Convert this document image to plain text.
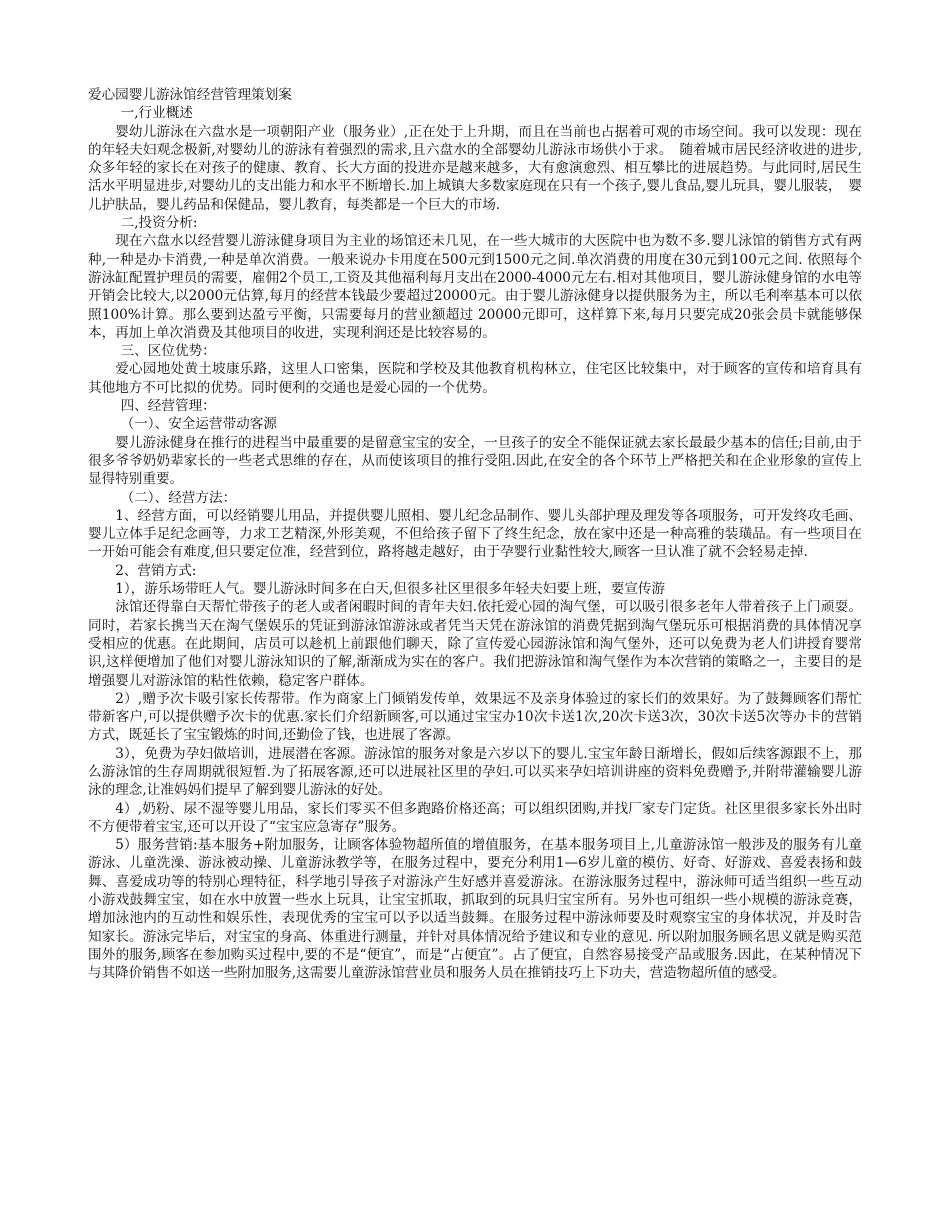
爱心园婴儿游泳馆经营管理策划案

一,行业概述

婴幼儿游泳在六盘水是一项朝阳产业（服务业）,正在处于上升期，而且在当前也占据着可观的市场空间。我可以发现：现在的年轻夫妇观念极新,对婴幼儿的游泳有着强烈的需求,且六盘水的全部婴幼儿游泳市场供小于求。　随着城市居民经济收进的进步,众多年轻的家长在对孩子的健康、教育、长大方面的投进亦是越来越多，大有愈演愈烈、相互攀比的进展趋势。与此同时,居民生活水平明显进步,对婴幼儿的支出能力和水平不断增长.加上城镇大多数家庭现在只有一个孩子,婴儿食品,婴儿玩具，婴儿服装，　婴儿护肤品，婴儿药品和保健品，婴儿教育，每类都是一个巨大的市场.

二,投资分析:

现在六盘水以经营婴儿游泳健身项目为主业的场馆还未几见，在一些大城市的大医院中也为数不多.婴儿泳馆的销售方式有两种,一种是办卡消费,一种是单次消费。一般来说办卡用度在500元到1500元之间.单次消费的用度在30元到100元之间. 依照每个游泳缸配置护理员的需要，雇佣2个员工,工资及其他福利每月支出在2000-4000元左右.相对其他项目，婴儿游泳健身馆的水电等开销会比较大,以2000元估算,每月的经营本钱最少要超过20000元。由于婴儿游泳健身以提供服务为主，所以毛利率基本可以依照100%计算。那么要到达盈亏平衡，只需要每月的营业额超过 20000元即可，这样算下来,每月只要完成20张会员卡就能够保本，再加上单次消费及其他项目的收进，实现利润还是比较容易的。

三、区位优势：

爱心园地处黄土坡康乐路，这里人口密集，医院和学校及其他教育机构林立，住宅区比较集中，对于顾客的宣传和培育具有其他地方不可比拟的优势。同时便利的交通也是爱心园的一个优势。

四、经营管理：

（一）、安全运营带动客源

婴儿游泳健身在推行的进程当中最重要的是留意宝宝的安全，一旦孩子的安全不能保证就去家长最最少基本的信任;目前,由于很多爷爷奶奶辈家长的一些老式思维的存在，从而使该项目的推行受阻.因此,在安全的各个环节上严格把关和在企业形象的宣传上显得特别重要。

（二）、经营方法：

1、经营方面，可以经销婴儿用品，并提供婴儿照相、婴儿纪念品制作、婴儿头部护理及理发等各项服务，可开发终攻毛画、婴儿立体手足纪念画等，力求工艺精深,外形美观，不但给孩子留下了终生纪念，放在家中还是一种高雅的装璜品。有一些项目在一开始可能会有难度,但只要定位准，经营到位，路将越走越好，由于孕婴行业黏性较大,顾客一旦认准了就不会轻易走掉.

2、营销方式:

1），游乐场带旺人气。婴儿游泳时间多在白天,但很多社区里很多年轻夫妇要上班，要宣传游

泳馆还得靠白天帮忙带孩子的老人或者闲暇时间的青年夫妇.依托爱心园的淘气堡，可以吸引很多老年人带着孩子上门顽耍。同时，若家长携当天在淘气堡娱乐的凭证到游泳馆游泳或者凭当天凭在游泳馆的消费凭据到淘气堡玩乐可根据消费的具体情况享受相应的优惠。在此期间，店员可以趁机上前跟他们聊天，除了宣传爱心园游泳馆和淘气堡外，还可以免费为老人们讲授育婴常识,这样便增加了他们对婴儿游泳知识的了解,渐渐成为实在的客户。我们把游泳馆和淘气堡作为本次营销的策略之一，主要目的是增强婴儿对游泳馆的粘性依赖，稳定客户群体。

2）,赠予次卡吸引家长传帮带。作为商家上门倾销发传单，效果远不及亲身体验过的家长们的效果好。为了鼓舞顾客们帮忙带新客户,可以提供赠予次卡的优惠.家长们介绍新顾客,可以通过宝宝办10次卡送1次,20次卡送3次，30次卡送5次等办卡的营销方式，既延长了宝宝锻炼的时间,还勤俭了钱，也进展了客源。

3），免费为孕妇做培训，进展潜在客源。游泳馆的服务对象是六岁以下的婴儿.宝宝年龄日渐增长，假如后续客源跟不上，那么游泳馆的生存周期就很短暂.为了拓展客源,还可以进展社区里的孕妇.可以买来孕妇培训讲座的资料免费赠予,并附带灌输婴儿游泳的理念,让准妈妈们提早了解到婴儿游泳的好处。

4）,奶粉、尿不湿等婴儿用品，家长们零买不但多跑路价格还高；可以组织团购,并找厂家专门定货。社区里很多家长外出时不方便带着宝宝,还可以开设了“宝宝应急寄存”服务。

5）服务营销:基本服务+附加服务，让顾客体验物超所值的增值服务，在基本服务项目上,儿童游泳馆一般涉及的服务有儿童游泳、儿童洗澡、游泳被动操、儿童游泳教学等，在服务过程中，要充分利用1—6岁儿童的模仿、好奇、好游戏、喜爱表扬和鼓舞、喜爱成功等的特别心理特征，科学地引导孩子对游泳产生好感并喜爱游泳。在游泳服务过程中，游泳师可适当组织一些互动小游戏鼓舞宝宝，如在水中放置一些水上玩具，让宝宝抓取，抓取到的玩具归宝宝所有。另外也可组织一些小规模的游泳竞赛，增加泳池内的互动性和娱乐性，表现优秀的宝宝可以予以适当鼓舞。在服务过程中游泳师要及时观察宝宝的身体状况，并及时告知家长。游泳完毕后，对宝宝的身高、体重进行测量，并针对具体情况给予建议和专业的意见. 所以附加服务顾名思义就是购买范围外的服务,顾客在参加购买过程中,要的不是“便宜”，而是“占便宜”。占了便宜，自然容易接受产品或服务.因此，在某种情况下与其降价销售不如送一些附加服务,这需要儿童游泳馆营业员和服务人员在推销技巧上下功夫，营造物超所值的感受。
